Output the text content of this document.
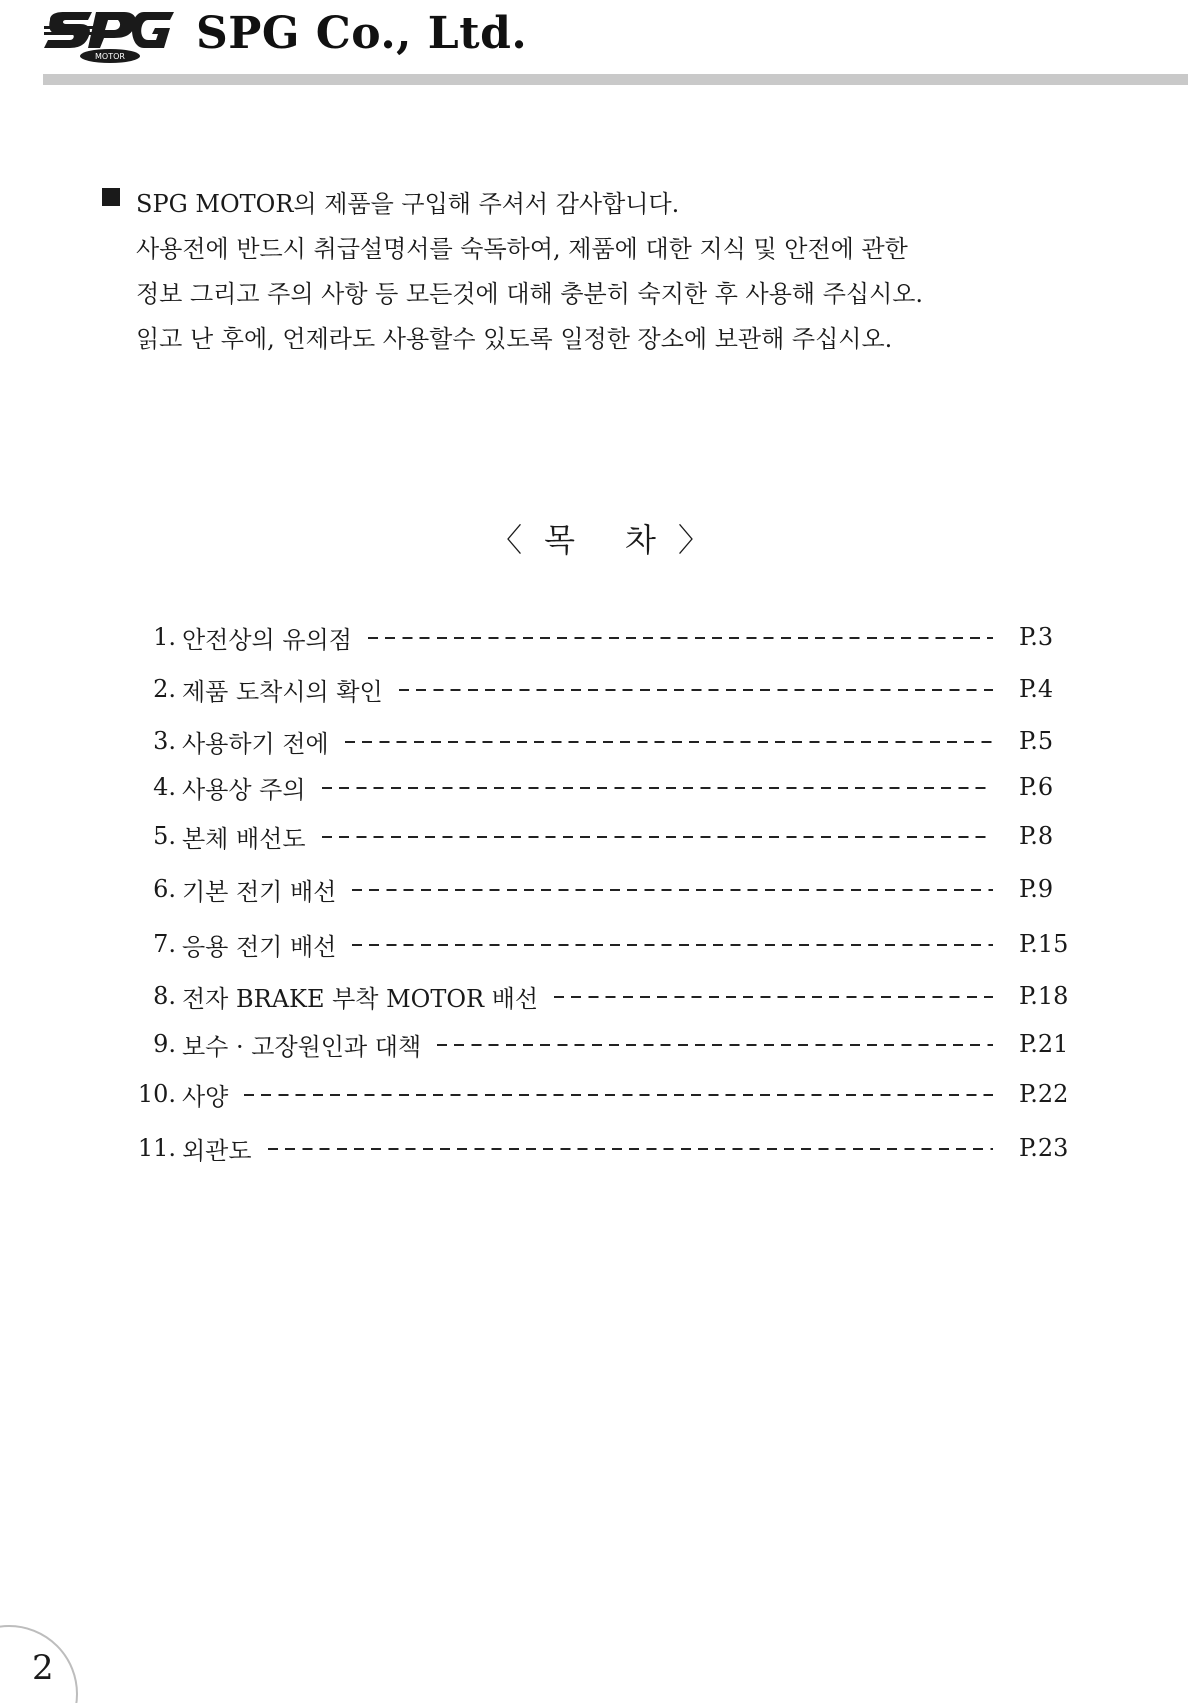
MOTOR SPG Co., Ltd.
SPG MOTOR의 제품을 구입해 주셔서 감사합니다.
사용전에 반드시 취급설명서를 숙독하여, 제품에 대한 지식 및 안전에 관한
정보 그리고 주의 사항 등 모든것에 대해 충분히 숙지한 후 사용해 주십시오.
읽고 난 후에, 언제라도 사용할수 있도록 일정한 장소에 보관해 주십시오.
〈 목 차 〉
1. 안전상의 유의점	P.3
2. 제품 도착시의 확인	P.4
3. 사용하기 전에	P.5
4. 사용상 주의	P.6
5. 본체 배선도	P.8
6. 기본 전기 배선	P.9
7. 응용 전기 배선	P.15
8. 전자 BRAKE 부착 MOTOR 배선	P.18
9. 보수 · 고장원인과 대책	P.21
10. 사양	P.22
11. 외관도	P.23
2
